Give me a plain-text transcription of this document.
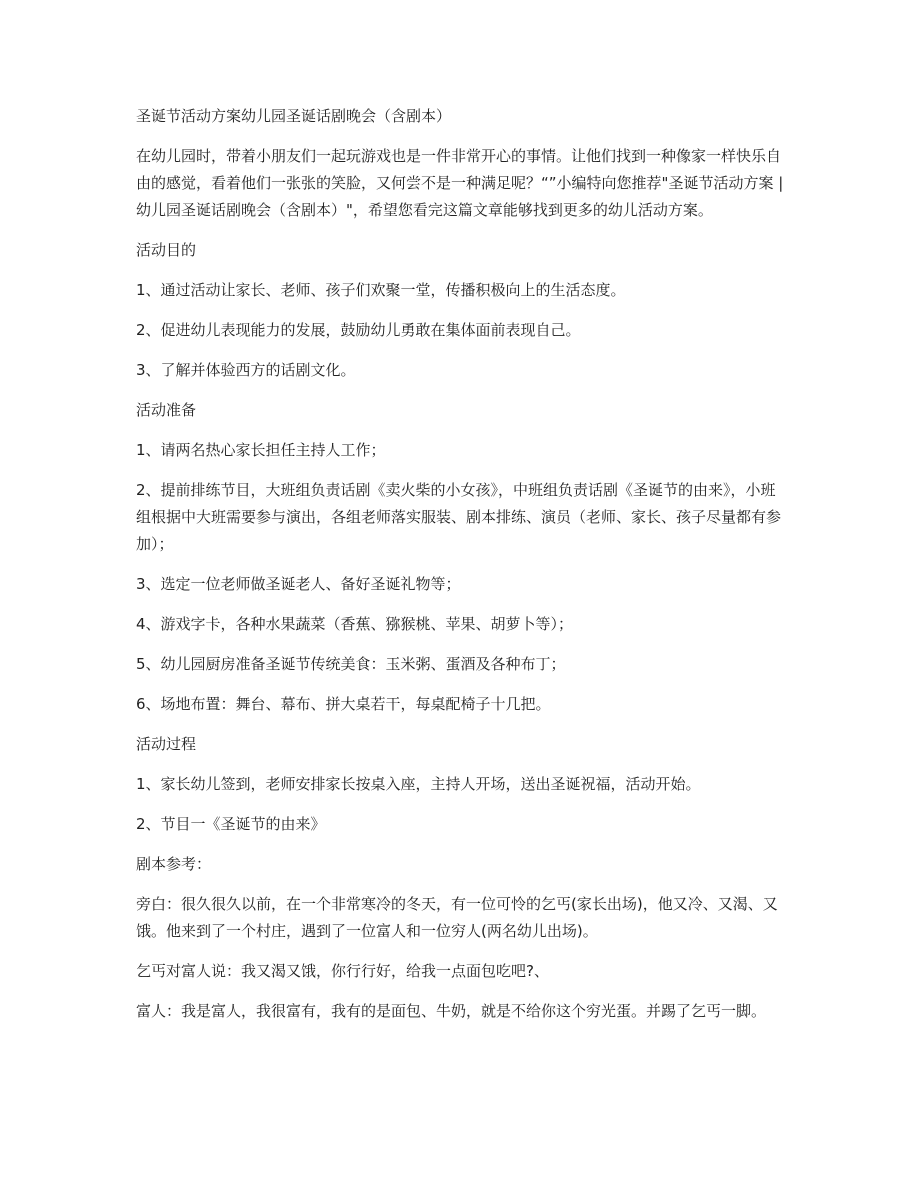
圣诞节活动方案幼儿园圣诞话剧晚会（含剧本）

在幼儿园时，带着小朋友们一起玩游戏也是一件非常开心的事情。让他们找到一种像家一样快乐自由的感觉，看着他们一张张的笑脸，又何尝不是一种满足呢？“”小编特向您推荐"圣诞节活动方案 | 幼儿园圣诞话剧晚会（含剧本）"，希望您看完这篇文章能够找到更多的幼儿活动方案。

活动目的

1、通过活动让家长、老师、孩子们欢聚一堂，传播积极向上的生活态度。

2、促进幼儿表现能力的发展，鼓励幼儿勇敢在集体面前表现自己。

3、了解并体验西方的话剧文化。

活动准备

1、请两名热心家长担任主持人工作；

2、提前排练节目，大班组负责话剧《卖火柴的小女孩》，中班组负责话剧《圣诞节的由来》，小班组根据中大班需要参与演出，各组老师落实服装、剧本排练、演员（老师、家长、孩子尽量都有参加）；

3、选定一位老师做圣诞老人、备好圣诞礼物等；

4、游戏字卡，各种水果蔬菜（香蕉、猕猴桃、苹果、胡萝卜等）；

5、幼儿园厨房准备圣诞节传统美食：玉米粥、蛋酒及各种布丁；

6、场地布置：舞台、幕布、拼大桌若干，每桌配椅子十几把。

活动过程

1、家长幼儿签到，老师安排家长按桌入座，主持人开场，送出圣诞祝福，活动开始。

2、节目一《圣诞节的由来》

剧本参考：

旁白：很久很久以前，在一个非常寒冷的冬天，有一位可怜的乞丐(家长出场)，他又冷、又渴、又饿。他来到了一个村庄，遇到了一位富人和一位穷人(两名幼儿出场)。

乞丐对富人说：我又渴又饿，你行行好，给我一点面包吃吧?、

富人：我是富人，我很富有，我有的是面包、牛奶，就是不给你这个穷光蛋。并踢了乞丐一脚。
